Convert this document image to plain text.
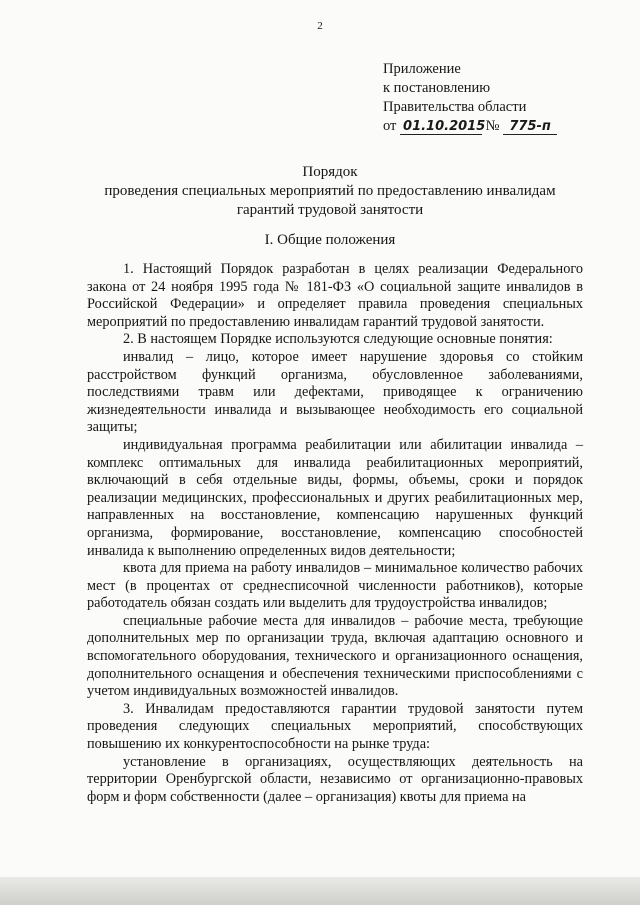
2
Приложение
к постановлению
Правительства области
от 01.10.2015 № 775-п
Порядок
проведения специальных мероприятий по предоставлению инвалидам
гарантий трудовой занятости
I. Общие положения

1. Настоящий Порядок разработан в целях реализации Федерального закона от 24 ноября 1995 года № 181-ФЗ «О социальной защите инвалидов в Российской Федерации» и определяет правила проведения специальных мероприятий по предоставлению инвалидам гарантий трудовой занятости.

2. В настоящем Порядке используются следующие основные понятия:

инвалид – лицо, которое имеет нарушение здоровья со стойким расстройством функций организма, обусловленное заболеваниями, последствиями травм или дефектами, приводящее к ограничению жизнедеятельности инвалида и вызывающее необходимость его социальной защиты;

индивидуальная программа реабилитации или абилитации инвалида – комплекс оптимальных для инвалида реабилитационных мероприятий, включающий в себя отдельные виды, формы, объемы, сроки и порядок реализации медицинских, профессиональных и других реабилитационных мер, направленных на восстановление, компенсацию нарушенных функций организма, формирование, восстановление, компенсацию способностей инвалида к выполнению определенных видов деятельности;

квота для приема на работу инвалидов – минимальное количество рабочих мест (в процентах от среднесписочной численности работников), которые работодатель обязан создать или выделить для трудоустройства инвалидов;

специальные рабочие места для инвалидов – рабочие места, требующие дополнительных мер по организации труда, включая адаптацию основного и вспомогательного оборудования, технического и организационного оснащения, дополнительного оснащения и обеспечения техническими приспособлениями с учетом индивидуальных возможностей инвалидов.

3. Инвалидам предоставляются гарантии трудовой занятости путем проведения следующих специальных мероприятий, способствующих повышению их конкурентоспособности на рынке труда:

установление в организациях, осуществляющих деятельность на территории Оренбургской области, независимо от организационно-правовых форм и форм собственности (далее – организация) квоты для приема на
